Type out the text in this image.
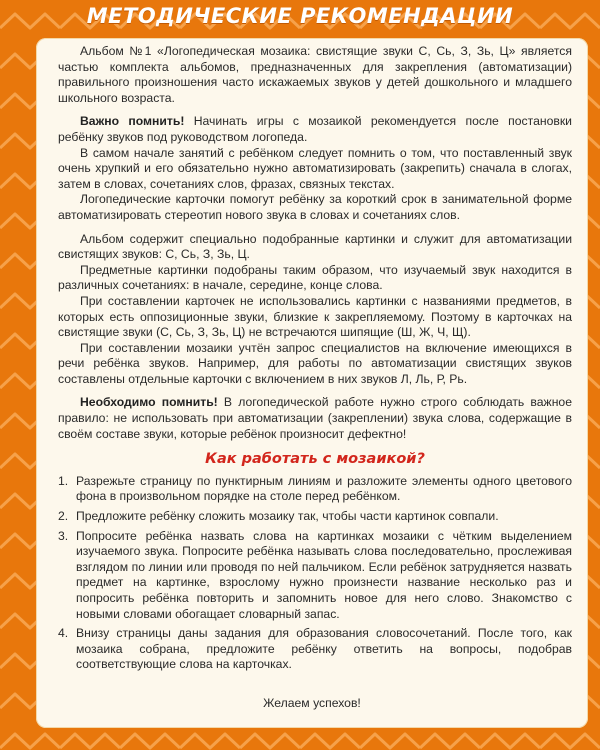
МЕТОДИЧЕСКИЕ РЕКОМЕНДАЦИИ

Альбом №1 «Логопедическая мозаика: свистящие звуки С, Сь, З, Зь, Ц» является частью комплекта альбомов, предназначенных для закрепления (автоматизации) правильного произношения часто искажаемых звуков у детей дошкольного и младшего школьного возраста.

Важно помнить! Начинать игры с мозаикой рекомендуется после постановки ребёнку звуков под руководством логопеда.

В самом начале занятий с ребёнком следует помнить о том, что поставленный звук очень хрупкий и его обязательно нужно автоматизировать (закрепить) сначала в слогах, затем в словах, сочетаниях слов, фразах, связных текстах.

Логопедические карточки помогут ребёнку за короткий срок в занимательной форме автоматизировать стереотип нового звука в словах и сочетаниях слов.

Альбом содержит специально подобранные картинки и служит для автоматизации свистящих звуков: С, Сь, З, Зь, Ц.

Предметные картинки подобраны таким образом, что изучаемый звук находится в различных сочетаниях: в начале, середине, конце слова.

При составлении карточек не использовались картинки с названиями предметов, в которых есть оппозиционные звуки, близкие к закрепляемому. Поэтому в карточках на свистящие звуки (С, Сь, З, Зь, Ц) не встречаются шипящие (Ш, Ж, Ч, Щ).

При составлении мозаики учтён запрос специалистов на включение имеющихся в речи ребёнка звуков. Например, для работы по автоматизации свистящих звуков составлены отдельные карточки с включением в них звуков Л, Ль, Р, Рь.

Необходимо помнить! В логопедической работе нужно строго соблюдать важное правило: не использовать при автоматизации (закреплении) звука слова, содержащие в своём составе звуки, которые ребёнок произносит дефектно!

Как работать с мозаикой?
1. Разрежьте страницу по пунктирным линиям и разложите элементы одного цветового фона в произвольном порядке на столе перед ребёнком.
2. Предложите ребёнку сложить мозаику так, чтобы части картинок совпали.
3. Попросите ребёнка назвать слова на картинках мозаики с чётким выделением изучаемого звука. Попросите ребёнка называть слова последовательно, прослеживая взглядом по линии или проводя по ней пальчиком. Если ребёнок затрудняется назвать предмет на картинке, взрослому нужно произнести название несколько раз и попросить ребёнка повторить и запомнить новое для него слово. Знакомство с новыми словами обогащает словарный запас.
4. Внизу страницы даны задания для образования словосочетаний. После того, как мозаика собрана, предложите ребёнку ответить на вопросы, подобрав соответствующие слова на карточках.
Желаем успехов!
